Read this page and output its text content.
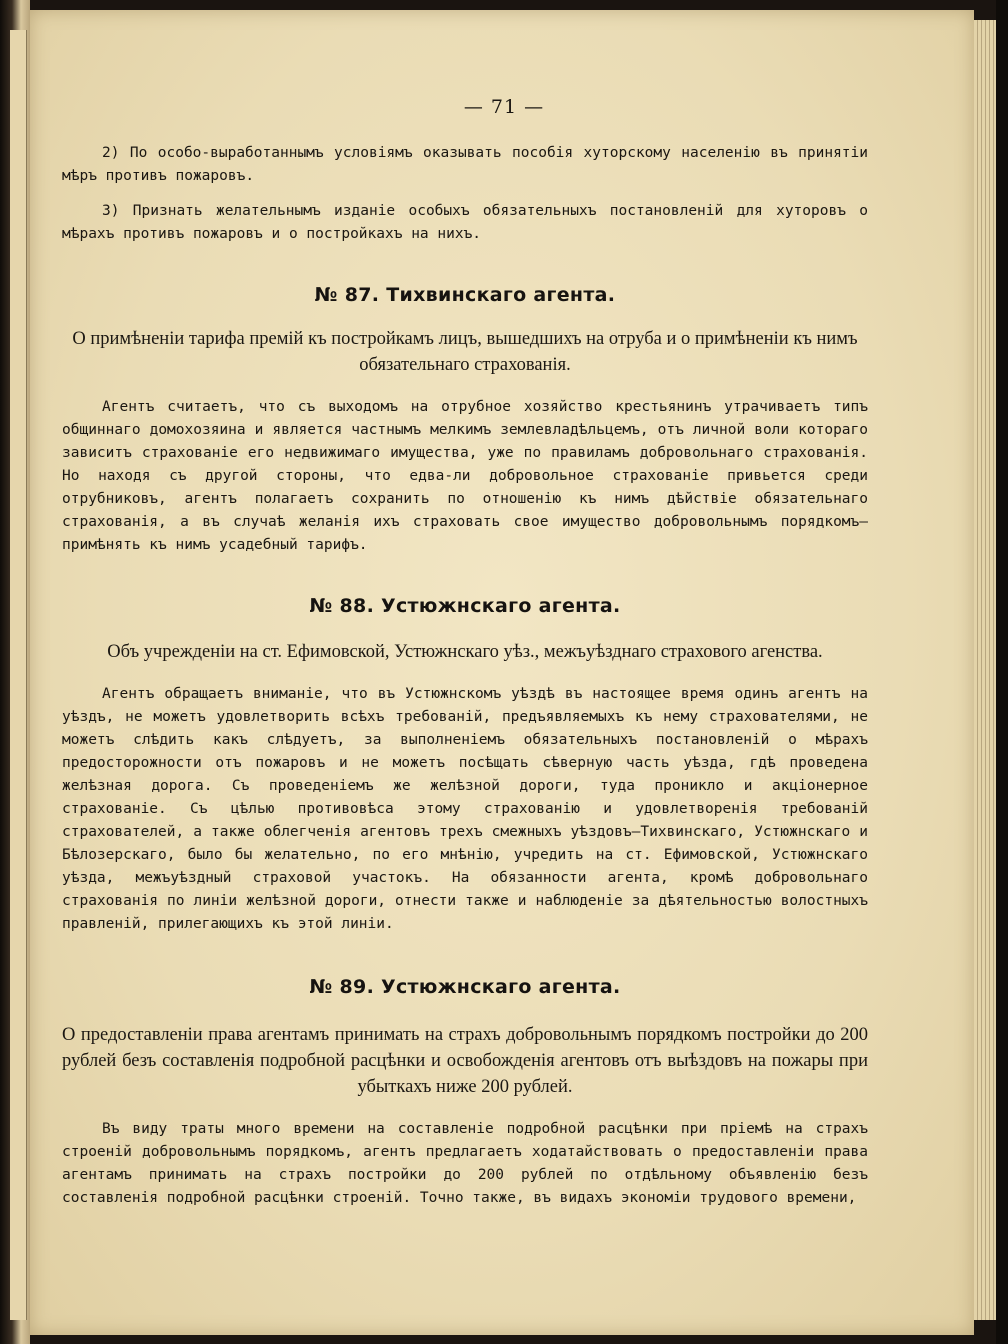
— 71 —

2) По особо-выработаннымъ условіямъ оказывать пособія хуторскому населенію въ принятіи мѣръ противъ пожаровъ.

3) Признать желательнымъ изданіе особыхъ обязательныхъ постановленій для хуторовъ о мѣрахъ противъ пожаровъ и о постройкахъ на нихъ.

№ 87. Тихвинскаго агента.

О примѣненіи тарифа премій къ постройкамъ лицъ, вышедшихъ на отруба и о примѣненіи къ нимъ обязательнаго страхованія.

Агентъ считаетъ, что съ выходомъ на отрубное хозяйство крестьянинъ утрачиваетъ типъ общиннаго домохозяина и является частнымъ мелкимъ землевладѣльцемъ, отъ личной воли котораго зависитъ страхованіе его недвижимаго имущества, уже по правиламъ добровольнаго страхованія. Но находя съ другой стороны, что едва-ли добровольное страхованіе привьется среди отрубниковъ, агентъ полагаетъ сохранить по отношенію къ нимъ дѣйствіе обязательнаго страхованія, а въ случаѣ желанія ихъ страховать свое имущество добровольнымъ порядкомъ—примѣнять къ нимъ усадебный тарифъ.

№ 88. Устюжнскаго агента.

Объ учрежденіи на ст. Ефимовской, Устюжнскаго уѣз., межъуѣзднаго страхового агенства.

Агентъ обращаетъ вниманіе, что въ Устюжнскомъ уѣздѣ въ настоящее время одинъ агентъ на уѣздъ, не можетъ удовлетворить всѣхъ требованій, предъявляемыхъ къ нему страхователями, не можетъ слѣдить какъ слѣдуетъ, за выполненіемъ обязательныхъ постановленій о мѣрахъ предосторожности отъ пожаровъ и не можетъ посѣщать сѣверную часть уѣзда, гдѣ проведена желѣзная дорога. Съ проведеніемъ же желѣзной дороги, туда проникло и акціонерное страхованіе. Съ цѣлью противовѣса этому страхованію и удовлетворенія требованій страхователей, а также облегченія агентовъ трехъ смежныхъ уѣздовъ—Тихвинскаго, Устюжнскаго и Бѣлозерскаго, было бы желательно, по его мнѣнію, учредить на ст. Ефимовской, Устюжнскаго уѣзда, межъуѣздный страховой участокъ. На обязанности агента, кромѣ добровольнаго страхованія по линіи желѣзной дороги, отнести также и наблюденіе за дѣятельностью волостныхъ правленій, прилегающихъ къ этой линіи.

№ 89. Устюжнскаго агента.

О предоставленіи права агентамъ принимать на страхъ добровольнымъ порядкомъ постройки до 200 рублей безъ составленія подробной расцѣнки и освобожденія агентовъ отъ выѣздовъ на пожары при убыткахъ ниже 200 рублей.

Въ виду траты много времени на составленіе подробной расцѣнки при пріемѣ на страхъ строеній добровольнымъ порядкомъ, агентъ предлагаетъ ходатайствовать о предоставленіи права агентамъ принимать на страхъ постройки до 200 рублей по отдѣльному объявленію безъ составленія подробной расцѣнки строеній. Точно также, въ видахъ экономіи трудового времени,
